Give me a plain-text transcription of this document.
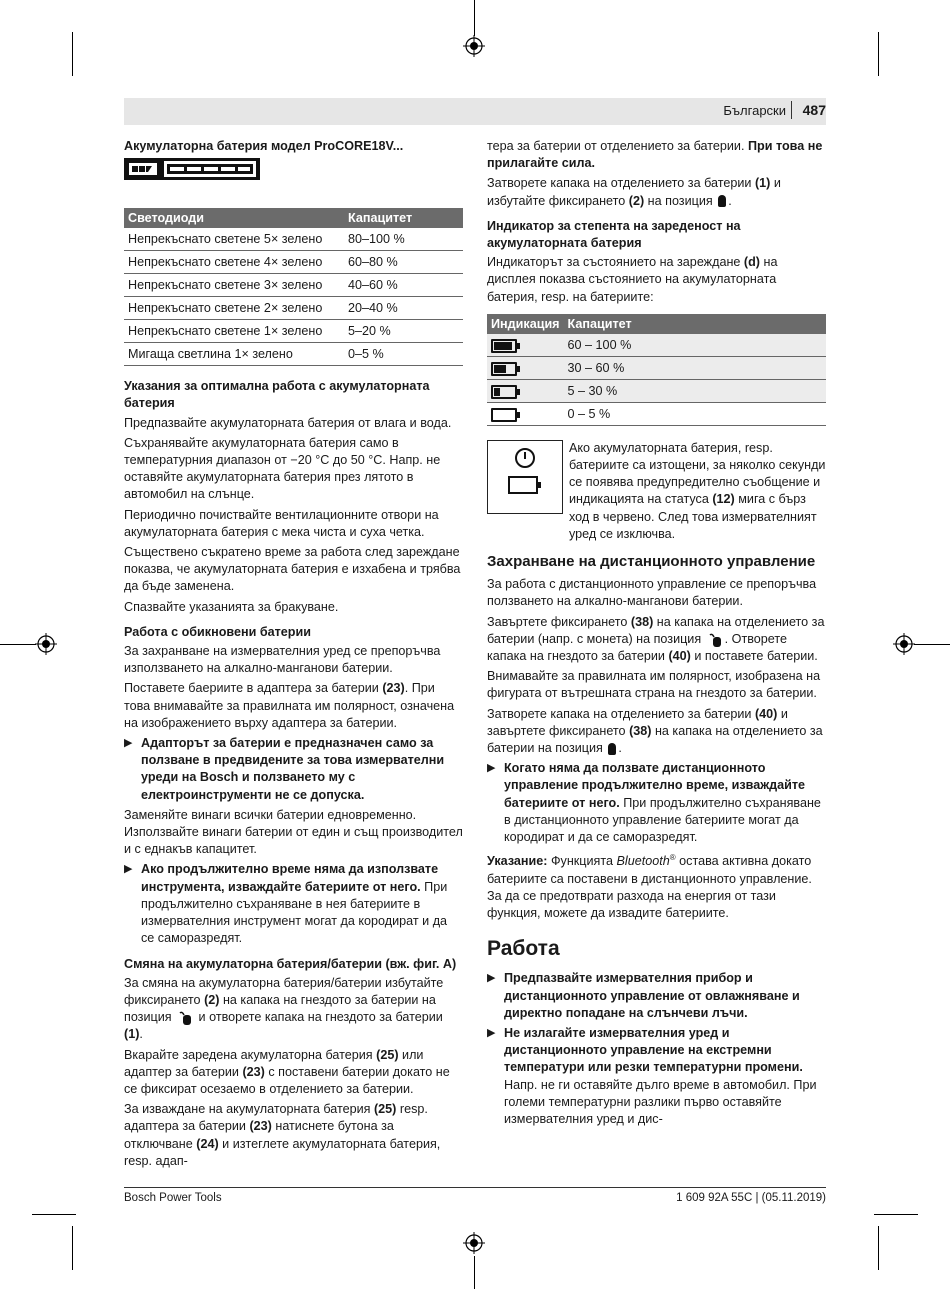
Български 487
Акумулаторна батерия модел ProCORE18V...
Светодиоди	Капацитет
Непрекъснато светене 5× зелено	80–100 %
Непрекъснато светене 4× зелено	60–80 %
Непрекъснато светене 3× зелено	40–60 %
Непрекъснато светене 2× зелено	20–40 %
Непрекъснато светене 1× зелено	5–20 %
Мигаща светлина 1× зелено	0–5 %
Указания за оптимална работа с акумулаторната батерия

Предпазвайте акумулаторната батерия от влага и вода.

Съхранявайте акумулаторната батерия само в температурния диапазон от −20 °C до 50 °C. Напр. не оставяйте акумулаторната батерия през лятото в автомобил на слънце.

Периодично почиствайте вентилационните отвори на акумулаторната батерия с мека чиста и суха четка.

Съществено съкратено време за работа след зареждане показва, че акумулаторната батерия е изхабена и трябва да бъде заменена.

Спазвайте указанията за бракуване.

Работа с обикновени батерии

За захранване на измервателния уред се препоръчва използването на алкално-манганови батерии.

Поставете бaериите в адаптера за батерии (23). При това внимавайте за правилната им полярност, означена на изображението върху адаптера за батерии.

▶ Адапторът за батерии е предназначен само за ползване в предвидените за това измервателни уреди на Bosch и ползването му с електроинструменти не се допуска.

Заменяйте винаги всички батерии едновременно. Използвайте винаги батерии от един и същ производител и с еднакъв капацитет.

▶ Ако продължително време няма да използвате инструмента, изваждайте батериите от него. При продължително съхраняване в нея батериите в измервателния инструмент могат да кородират и да се саморазредят.
Смяна на акумулаторна батерия/батерии (вж. фиг. A)

За смяна на акумулаторна батерия/батерии избутайте фиксирането (2) на капака на гнездото за батерии на позиция  и отворете капака на гнездото за батерии (1).

Вкарайте заредена акумулаторна батерия (25) или адаптер за батерии (23) с поставени батерии докато не се фиксират осезаемо в отделението за батерии.

За изваждане на акумулаторната батерия (25) resp. адаптера за батерии (23) натиснете бутона за отключване (24) и изтеглете акумулаторната батерия, resp. адап-

тера за батерии от отделението за батерии. При това не прилагайте сила.

Затворете капака на отделението за батерии (1) и избутайте фиксирането (2) на позиция .

Индикатор за степента на зареденост на акумулаторната батерия

Индикаторът за състоянието на зареждане (d) на дисплея показва състоянието на акумулаторната батерия, resp. на батериите:

Индикация	Капацитет

	60 – 100 %

	30 – 60 %

	5 – 30 %

	0 – 5 %
Ако акумулаторната батерия, resp. батериите са изтощени, за няколко секунди се появява предупредително съобщение и индикацията на статуса (12) мига с бърз ход в червено. След това измервателният уред се изключва.
Захранване на дистанционното управление

За работа с дистанционното управление се препоръчва ползването на алкално-манганови батерии.

Завъртете фиксирането (38) на капака на отделението за батерии (напр. с монета) на позиция . Отворете капака на гнездото за батерии (40) и поставете батерии.

Внимавайте за правилната им полярност, изобразена на фигурата от вътрешната страна на гнездото за батерии.

Затворете капака на отделението за батерии (40) и завъртете фиксирането (38) на капака на отделението за батерии на позиция .

▶ Когато няма да ползвате дистанционното управление продължително време, изваждайте батериите от него. При продължително съхраняване в дистанционното управление батериите могат да кородират и да се саморазредят.

Указание: Функцията Bluetooth® остава активна докато батериите са поставени в дистанционното управление. За да се предотврати разхода на енергия от тази функция, можете да извадите батериите.

Работа
▶ Предпазвайте измервателния прибор и дистанционното управление от овлажняване и директно попадане на слънчеви лъчи.
▶ Не излагайте измервателния уред и дистанционното управление на екстремни температури или резки температурни промени. Напр. не ги оставяйте дълго време в автомобил. При големи температурни разлики първо оставяйте измервателния уред и дис-
Bosch Power Tools	1 609 92A 55C | (05.11.2019)
